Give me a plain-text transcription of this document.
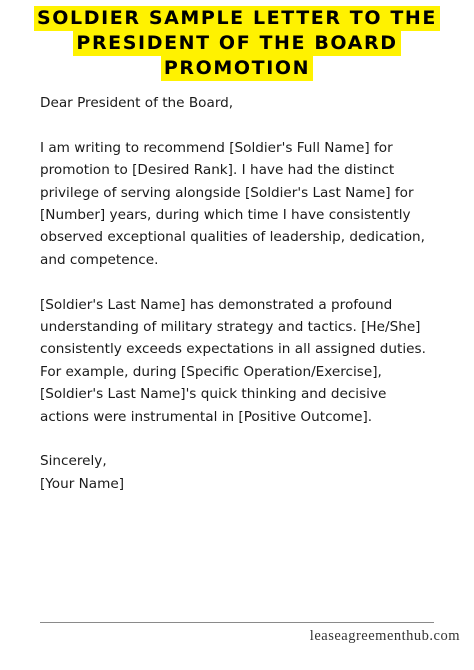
SOLDIER SAMPLE LETTER TO THE
PRESIDENT OF THE BOARD
PROMOTION

Dear President of the Board,

I am writing to recommend [Soldier's Full Name] for
promotion to [Desired Rank]. I have had the distinct
privilege of serving alongside [Soldier's Last Name] for
[Number] years, during which time I have consistently
observed exceptional qualities of leadership, dedication,
and competence.

[Soldier's Last Name] has demonstrated a profound
understanding of military strategy and tactics. [He/She]
consistently exceeds expectations in all assigned duties.
For example, during [Specific Operation/Exercise],
[Soldier's Last Name]'s quick thinking and decisive
actions were instrumental in [Positive Outcome].

Sincerely,
[Your Name]

leaseagreementhub.com
